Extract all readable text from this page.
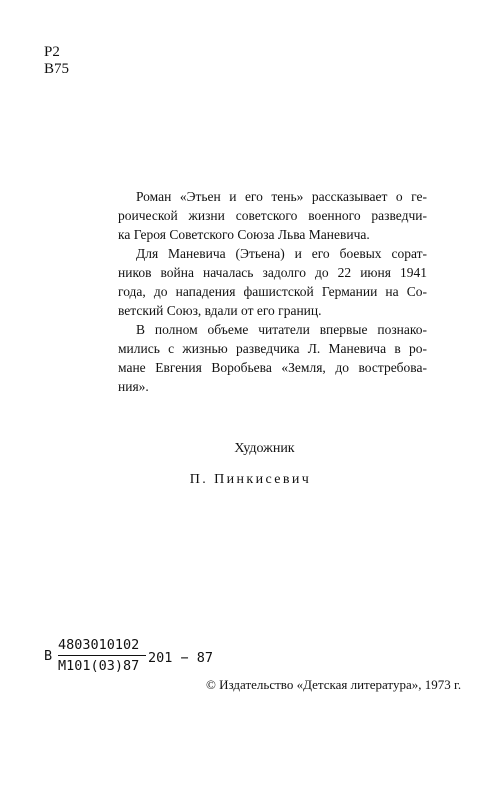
Р2
В75
Роман «Этьен и его тень» рассказывает о ге-
роической жизни советского военного разведчи-
ка Героя Советского Союза Льва Маневича.
Для Маневича (Этьена) и его боевых сорат-
ников война началась задолго до 22 июня 1941
года, до нападения фашистской Германии на Со-
ветский Союз, вдали от его границ.
В полном объеме читатели впервые познако-
мились с жизнью разведчика Л. Маневича в ро-
мане Евгения Воробьева «Земля, до востребова-
ния».
Художник
П. Пинкисевич
В
4803010102
М101(03)87 201 − 87
© Издательство «Детская литература», 1973 г.
